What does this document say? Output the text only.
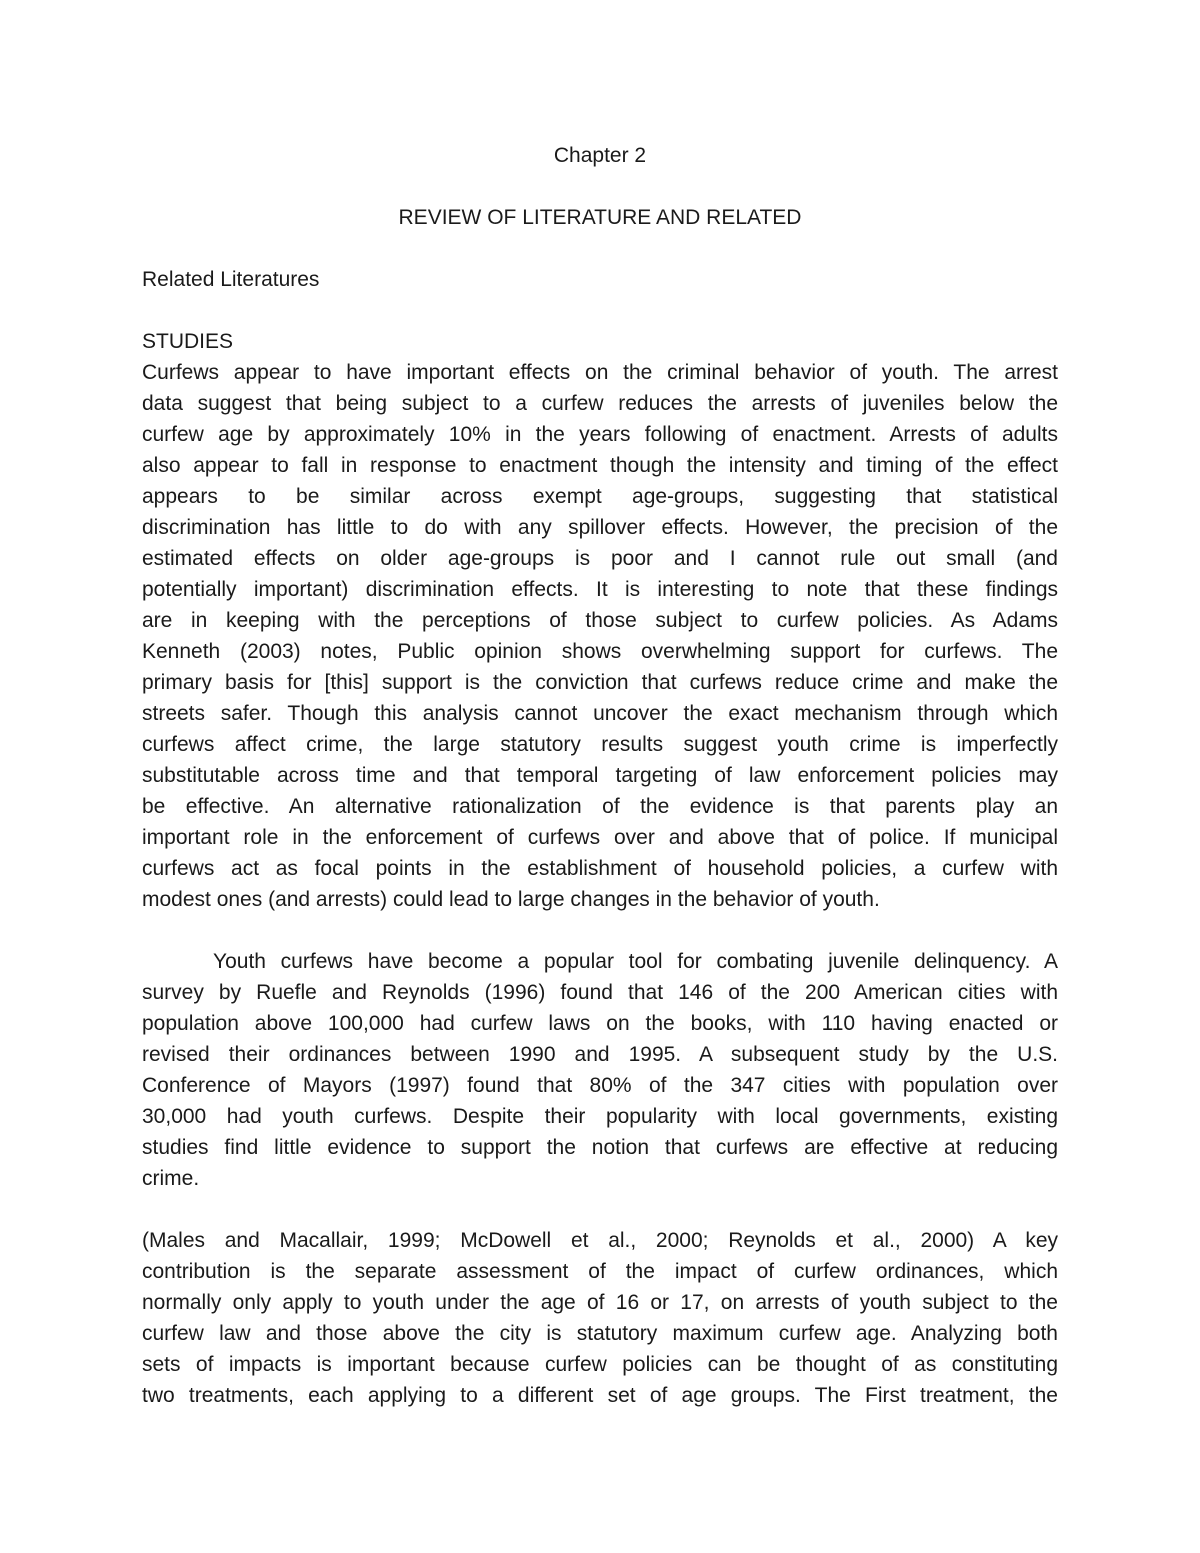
Chapter 2
REVIEW OF LITERATURE AND RELATED
Related Literatures
STUDIES
Curfews appear to have important effects on the criminal behavior of youth. The arrest
data suggest that being subject to a curfew reduces the arrests of juveniles below the
curfew age by approximately 10% in the years following of enactment. Arrests of adults
also appear to fall in response to enactment though the intensity and timing of the effect
appears to be similar across exempt age-groups, suggesting that statistical
discrimination has little to do with any spillover effects. However, the precision of the
estimated effects on older age-groups is poor and I cannot rule out small (and
potentially important) discrimination effects. It is interesting to note that these findings
are in keeping with the perceptions of those subject to curfew policies. As Adams
Kenneth (2003) notes, Public opinion shows overwhelming support for curfews. The
primary basis for [this] support is the conviction that curfews reduce crime and make the
streets safer. Though this analysis cannot uncover the exact mechanism through which
curfews affect crime, the large statutory results suggest youth crime is imperfectly
substitutable across time and that temporal targeting of law enforcement policies may
be effective. An alternative rationalization of the evidence is that parents play an
important role in the enforcement of curfews over and above that of police. If municipal
curfews act as focal points in the establishment of household policies, a curfew with
modest ones (and arrests) could lead to large changes in the behavior of youth.
Youth curfews have become a popular tool for combating juvenile delinquency. A
survey by Ruefle and Reynolds (1996) found that 146 of the 200 American cities with
population above 100,000 had curfew laws on the books, with 110 having enacted or
revised their ordinances between 1990 and 1995. A subsequent study by the U.S.
Conference of Mayors (1997) found that 80% of the 347 cities with population over
30,000 had youth curfews. Despite their popularity with local governments, existing
studies find little evidence to support the notion that curfews are effective at reducing
crime.
(Males and Macallair, 1999; McDowell et al., 2000; Reynolds et al., 2000) A key
contribution is the separate assessment of the impact of curfew ordinances, which
normally only apply to youth under the age of 16 or 17, on arrests of youth subject to the
curfew law and those above the city is statutory maximum curfew age. Analyzing both
sets of impacts is important because curfew policies can be thought of as constituting
two treatments, each applying to a different set of age groups. The First treatment, the
